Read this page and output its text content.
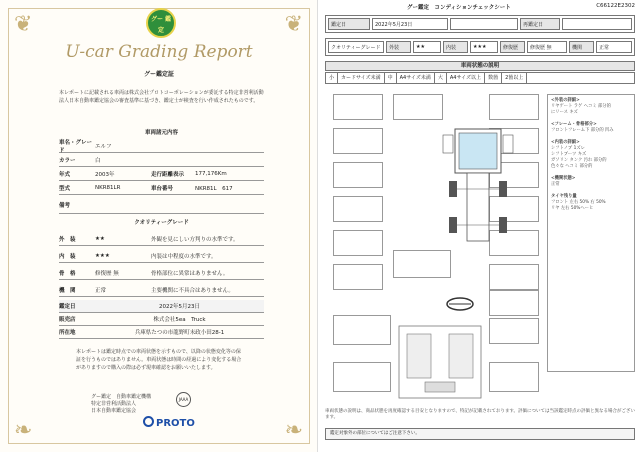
❦	❦
❧	❧
グー 鑑定
U-car Grading Report
グー鑑定証
本レポートに記載される車両は株式会社プロトコーポレーションが委託する特定非営利活動法人日本自動車鑑定協会の審査基準に基づき、鑑定士が検査を行い作成されたものです。
車両諸元内容
車名・グレード
エルフ
カラー	白
年式	2003年	走行距離表示	177,176Km
型式	NKR81LR	車台番号	NKR81L　617
備考
クオリティーグレード
外　装	★★	外観を見にしい方判りの水準です。
内　装	★★★	内装は中程度の水準です。
骨　格	修復歴 無	骨格部位に異常はありません。
機　関	正常	主要機関に不具合はありません。
鑑定日	2022年5月23日
販売店	株式会社5ea　Truck
所在地	兵庫県たつの市龍野町末政小田28-1
本レポートは鑑定時点での車両状態を示すもので、以降の状態変化等の保証を行うものではありません。車両状態は時間の経過により変化する場合がありますので購入の際は必ず現車確認をお願いいたします。
グー鑑定　自動車鑑定機構
特定非営利活動法人
日本自動車鑑定協会
JAAA
PROTO
グー鑑定　コンディションチェックシート	C66122E2302
鑑定日	2022年5月23日		再鑑定日	
クオリティーグレード	外装	★★	内装	★★★	修復歴	修復歴 無	機関	正常
車両状態の説明
小	カードサイズ未満	中	A4サイズ未満	大	A4サイズ以上	数箇	2箇以上
<外装の詳細>
リヤゲート ラゲ ヘコミ 部分的
にリース キズ

<フレーム・骨格部分>
フロントフレーム下 部分的 凹み

<内装の詳細>
シフトノブ 1ズレ
シフトブーツ キズ
ガソリン タンク 汚れ 部分的
色々な ヘコミ 部分的

<機関状態>
正常

タイヤ残り量
フロント 左右 50% 右 50%
リヤ 左右 50%ヘーヒ
車両状態の説明は、商品状態を再度確認する目安となりますので、特記が記載されております。評価については当該鑑定時点の評価と異なる場合がございます。
鑑定対象外の部位についてはご注意下さい。
